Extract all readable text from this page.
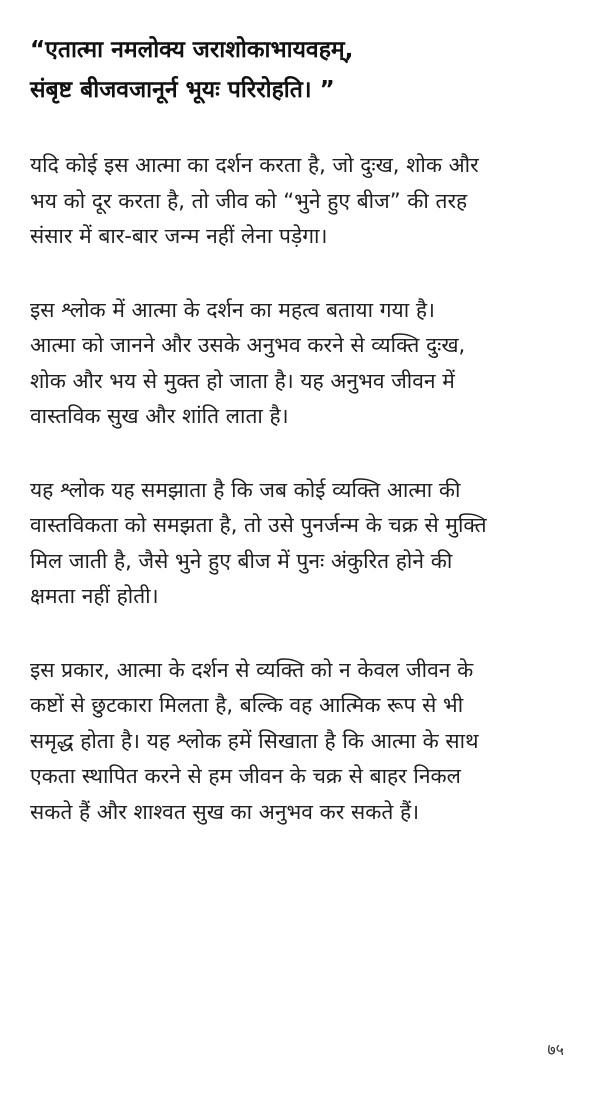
“एतात्मा नमलोक्य जराशोकाभायवहम्,
संबृष्ट बीजवजानूर्न भूयः परिरोहति। ”
यदि कोई इस आत्मा का दर्शन करता है, जो दुःख, शोक और
भय को दूर करता है, तो जीव को “भुने हुए बीज” की तरह
संसार में बार-बार जन्म नहीं लेना पड़ेगा।
इस श्लोक में आत्मा के दर्शन का महत्व बताया गया है।
आत्मा को जानने और उसके अनुभव करने से व्यक्ति दुःख,
शोक और भय से मुक्त हो जाता है। यह अनुभव जीवन में
वास्तविक सुख और शांति लाता है।
यह श्लोक यह समझाता है कि जब कोई व्यक्ति आत्मा की
वास्तविकता को समझता है, तो उसे पुनर्जन्म के चक्र से मुक्ति
मिल जाती है, जैसे भुने हुए बीज में पुनः अंकुरित होने की
क्षमता नहीं होती।
इस प्रकार, आत्मा के दर्शन से व्यक्ति को न केवल जीवन के
कष्टों से छुटकारा मिलता है, बल्कि वह आत्मिक रूप से भी
समृद्ध होता है। यह श्लोक हमें सिखाता है कि आत्मा के साथ
एकता स्थापित करने से हम जीवन के चक्र से बाहर निकल
सकते हैं और शाश्वत सुख का अनुभव कर सकते हैं।
७५
